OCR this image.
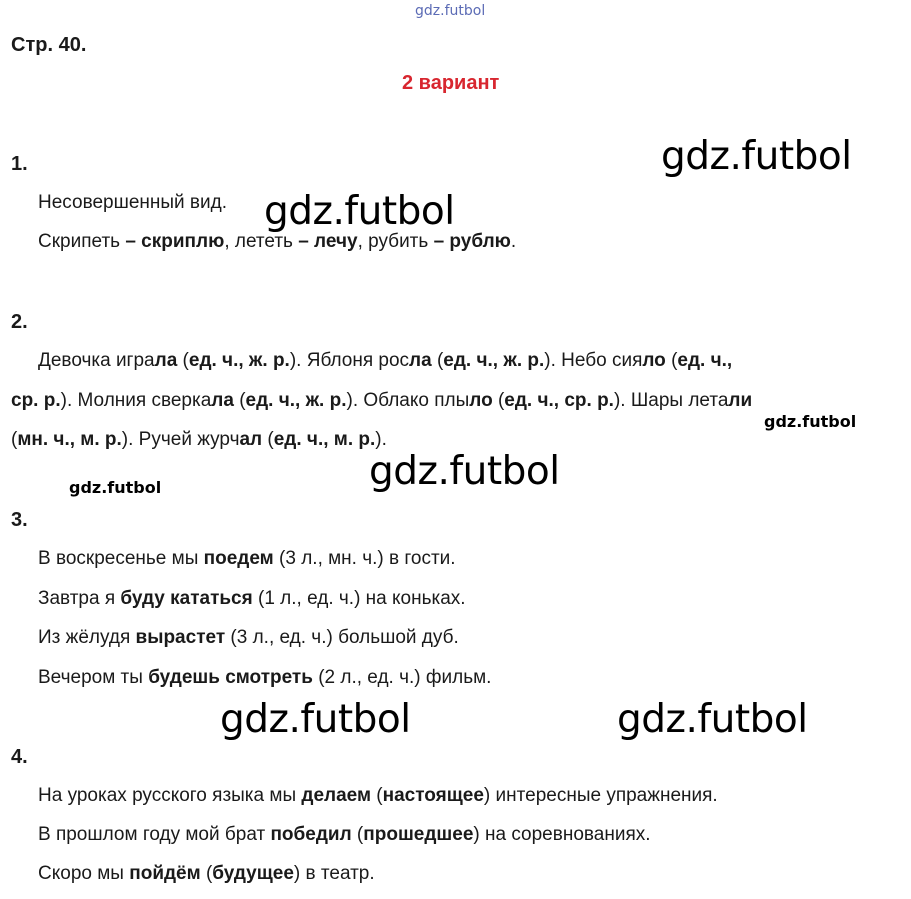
gdz.futbol
gdz.futbol
gdz.futbol
gdz.futbol
gdz.futbol
gdz.futbol
gdz.futbol	gdz.futbol
Стр. 40.
2 вариант
1.
Несовершенный вид.
Скрипеть – скриплю, лететь – лечу, рубить – рублю.
2.
Девочка играла (ед. ч., ж. р.). Яблоня росла (ед. ч., ж. р.). Небо сияло (ед. ч.,
ср. р.). Молния сверкала (ед. ч., ж. р.). Облако плыло (ед. ч., ср. р.). Шары летали
(мн. ч., м. р.). Ручей журчал (ед. ч., м. р.).
3.
В воскресенье мы поедем (3 л., мн. ч.) в гости.
Завтра я буду кататься (1 л., ед. ч.) на коньках.
Из жёлудя вырастет (3 л., ед. ч.) большой дуб.
Вечером ты будешь смотреть (2 л., ед. ч.) фильм.
4.
На уроках русского языка мы делаем (настоящее) интересные упражнения.
В прошлом году мой брат победил (прошедшее) на соревнованиях.
Скоро мы пойдём (будущее) в театр.
